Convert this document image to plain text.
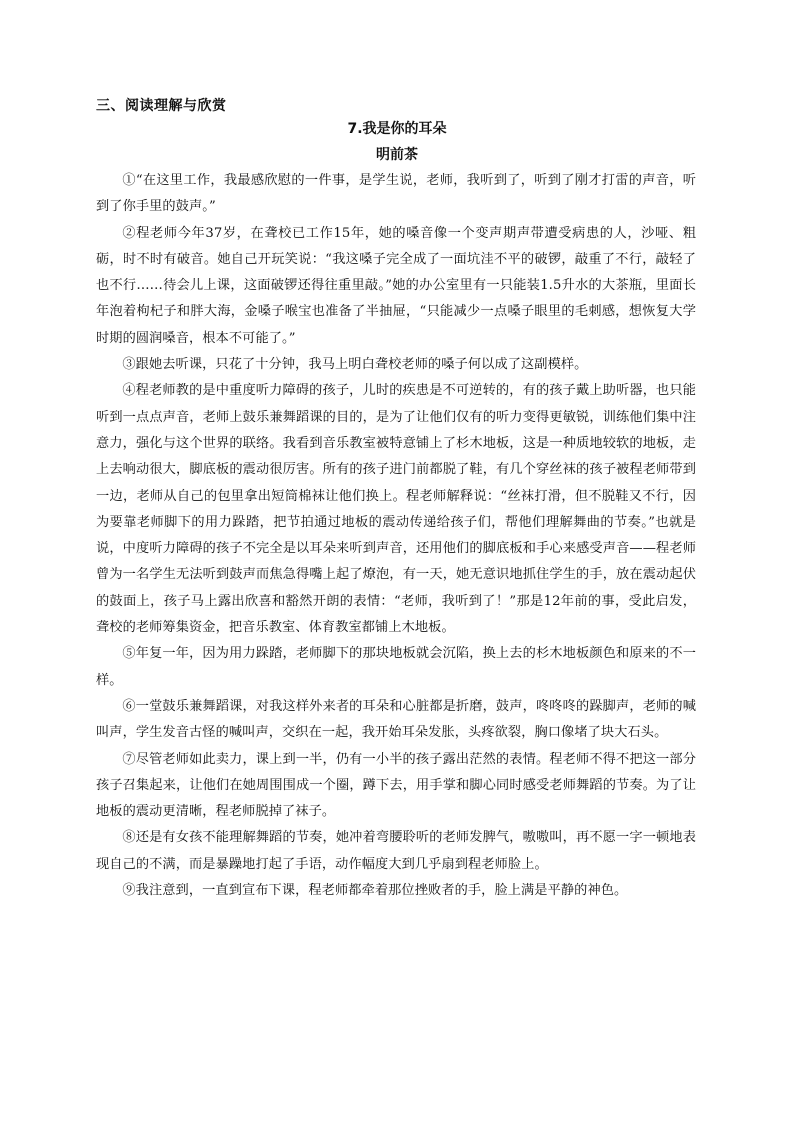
三、阅读理解与欣赏
7.我是你的耳朵
明前茶

①“在这里工作，我最感欣慰的一件事，是学生说，老师，我听到了，听到了刚才打雷的声音，听到了你手里的鼓声。”

②程老师今年37岁，在聋校已工作15年，她的嗓音像一个变声期声带遭受病患的人，沙哑、粗砺，时不时有破音。她自己开玩笑说：“我这嗓子完全成了一面坑洼不平的破锣，敲重了不行，敲轻了也不行……待会儿上课，这面破锣还得往重里敲。”她的办公室里有一只能装1.5升水的大茶瓶，里面长年泡着枸杞子和胖大海，金嗓子喉宝也准备了半抽屉，“只能减少一点嗓子眼里的毛刺感，想恢复大学时期的圆润嗓音，根本不可能了。”

③跟她去听课，只花了十分钟，我马上明白聋校老师的嗓子何以成了这副模样。

④程老师教的是中重度听力障碍的孩子，儿时的疾患是不可逆转的，有的孩子戴上助听器，也只能听到一点点声音，老师上鼓乐兼舞蹈课的目的，是为了让他们仅有的听力变得更敏锐，训练他们集中注意力，强化与这个世界的联络。我看到音乐教室被特意铺上了杉木地板，这是一种质地较软的地板，走上去响动很大，脚底板的震动很厉害。所有的孩子进门前都脱了鞋，有几个穿丝袜的孩子被程老师带到一边，老师从自己的包里拿出短筒棉袜让他们换上。程老师解释说：“丝袜打滑，但不脱鞋又不行，因为要靠老师脚下的用力跺踏，把节拍通过地板的震动传递给孩子们，帮他们理解舞曲的节奏。”也就是说，中度听力障碍的孩子不完全是以耳朵来听到声音，还用他们的脚底板和手心来感受声音——程老师曾为一名学生无法听到鼓声而焦急得嘴上起了燎泡，有一天，她无意识地抓住学生的手，放在震动起伏的鼓面上，孩子马上露出欣喜和豁然开朗的表情：“老师，我听到了！”那是12年前的事，受此启发，聋校的老师筹集资金，把音乐教室、体育教室都铺上木地板。

⑤年复一年，因为用力跺踏，老师脚下的那块地板就会沉陷，换上去的杉木地板颜色和原来的不一样。

⑥一堂鼓乐兼舞蹈课，对我这样外来者的耳朵和心脏都是折磨，鼓声，咚咚咚的跺脚声，老师的喊叫声，学生发音古怪的喊叫声，交织在一起，我开始耳朵发胀，头疼欲裂，胸口像堵了块大石头。

⑦尽管老师如此卖力，课上到一半，仍有一小半的孩子露出茫然的表情。程老师不得不把这一部分孩子召集起来，让他们在她周围围成一个圈，蹲下去，用手掌和脚心同时感受老师舞蹈的节奏。为了让地板的震动更清晰，程老师脱掉了袜子。

⑧还是有女孩不能理解舞蹈的节奏，她冲着弯腰聆听的老师发脾气，嗷嗷叫，再不愿一字一顿地表现自己的不满，而是暴躁地打起了手语，动作幅度大到几乎扇到程老师脸上。

⑨我注意到，一直到宣布下课，程老师都牵着那位挫败者的手，脸上满是平静的神色。
